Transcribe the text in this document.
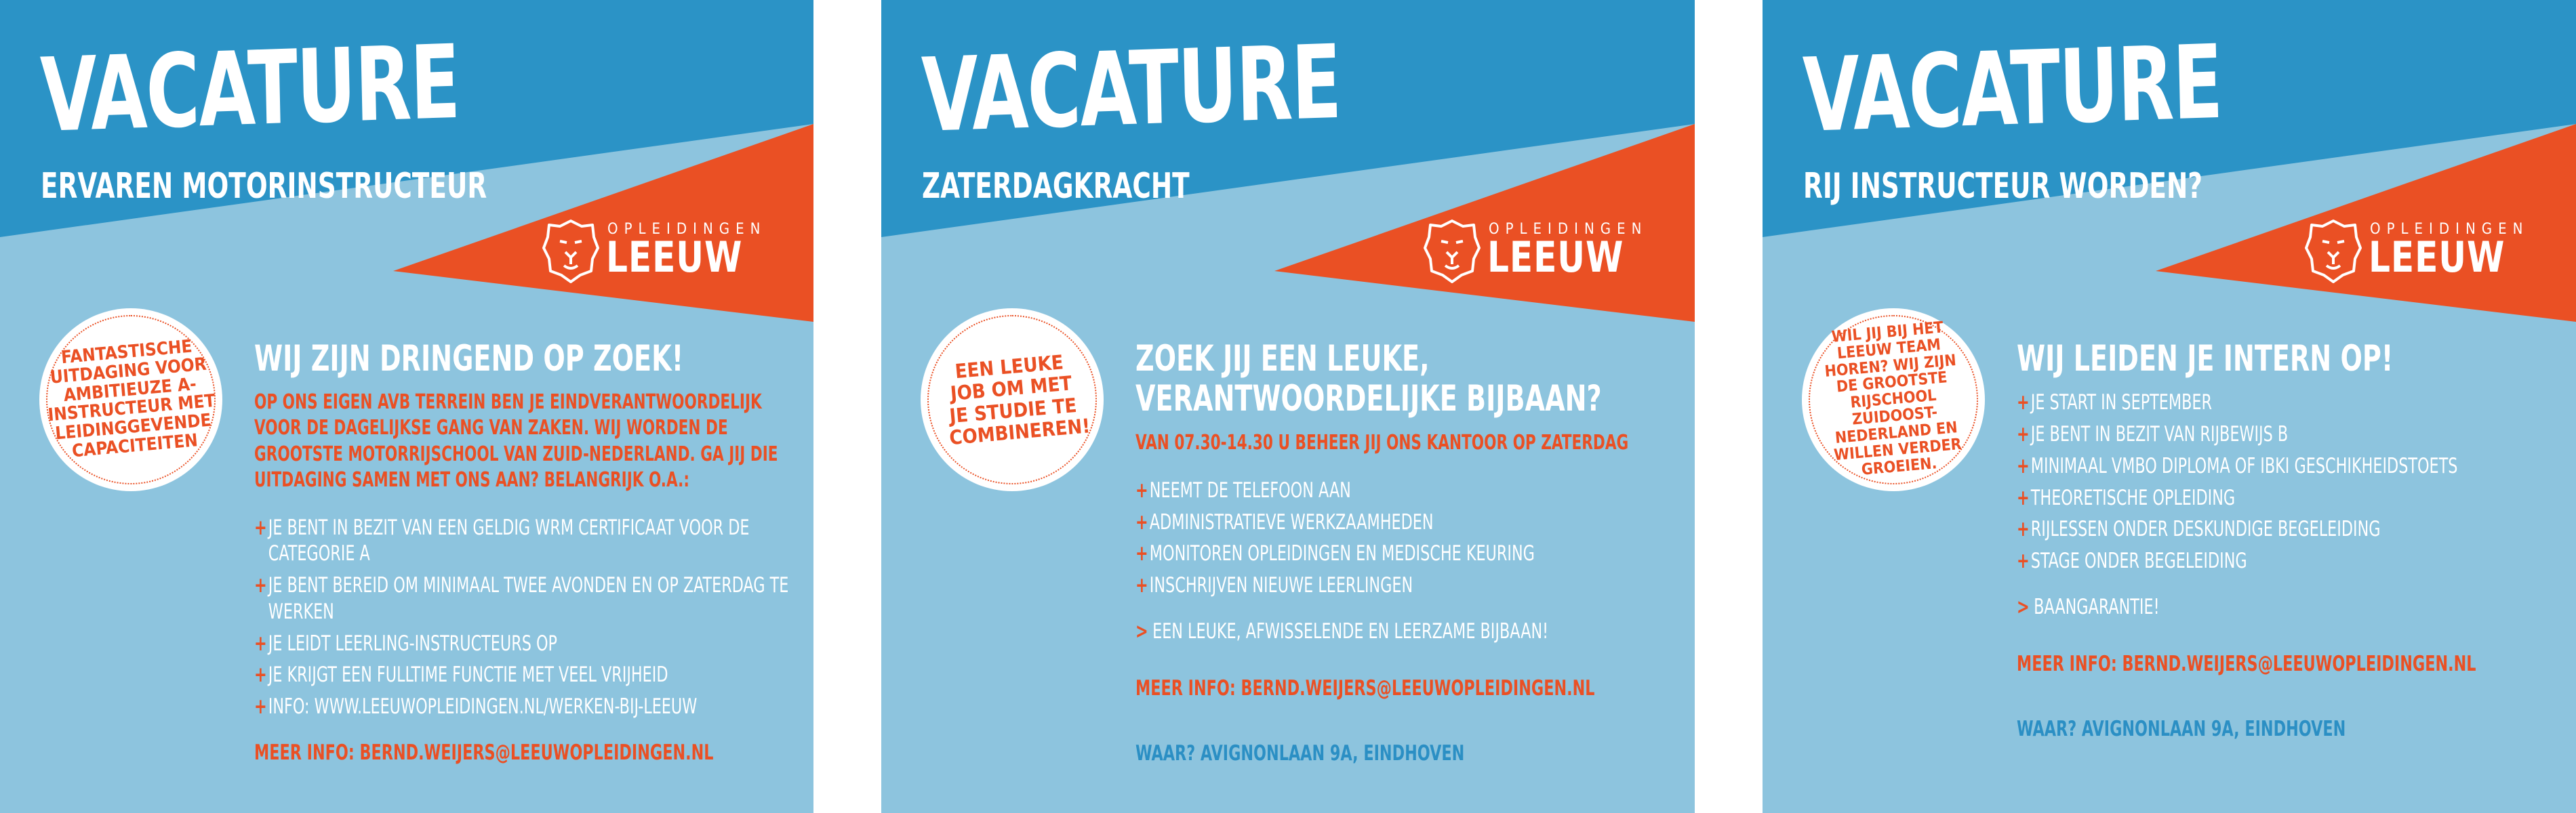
VACATURE
ERVAREN MOTORINSTRUCTEUR
OPLEIDINGEN
LEEUW

FANTASTISCHE UITDAGING VOOR AMBITIEUZE A-INSTRUCTEUR MET LEIDINGGEVENDE CAPACITEITEN

WIJ ZIJN DRINGEND OP ZOEK!

OP ONS EIGEN AVB TERREIN BEN JE EINDVERANTWOORDELIJK VOOR DE DAGELIJKSE GANG VAN ZAKEN. WIJ WORDEN DE GROOTSTE MOTORRIJSCHOOL VAN ZUID-NEDERLAND. GA JIJ DIE UITDAGING SAMEN MET ONS AAN? BELANGRIJK O.A.:

+ JE BENT IN BEZIT VAN EEN GELDIG WRM CERTIFICAAT VOOR DE CATEGORIE A
+ JE BENT BEREID OM MINIMAAL TWEE AVONDEN EN OP ZATERDAG TE WERKEN
+ JE LEIDT LEERLING-INSTRUCTEURS OP
+ JE KRIJGT EEN FULLTIME FUNCTIE MET VEEL VRIJHEID
+ INFO: WWW.LEEUWOPLEIDINGEN.NL/WERKEN-BIJ-LEEUW

MEER INFO: BERND.WEIJERS@LEEUWOPLEIDINGEN.NL

VACATURE
ZATERDAGKRACHT
OPLEIDINGEN
LEEUW

EEN LEUKE JOB OM MET JE STUDIE TE COMBINEREN!

ZOEK JIJ EEN LEUKE, VERANTWOORDELIJKE BIJBAAN?

VAN 07.30-14.30 U BEHEER JIJ ONS KANTOOR OP ZATERDAG

+ NEEMT DE TELEFOON AAN
+ ADMINISTRATIEVE WERKZAAMHEDEN
+ MONITOREN OPLEIDINGEN EN MEDISCHE KEURING
+ INSCHRIJVEN NIEUWE LEERLINGEN

> EEN LEUKE, AFWISSELENDE EN LEERZAME BIJBAAN!

MEER INFO: BERND.WEIJERS@LEEUWOPLEIDINGEN.NL

WAAR? AVIGNONLAAN 9A, EINDHOVEN

VACATURE
RIJ INSTRUCTEUR WORDEN?
OPLEIDINGEN
LEEUW

WIL JIJ BIJ HET LEEUW TEAM HOREN? WIJ ZIJN DE GROOTSTE RIJSCHOOL ZUIDOOST-NEDERLAND EN WILLEN VERDER GROEIEN.

WIJ LEIDEN JE INTERN OP!
+ JE START IN SEPTEMBER
+ JE BENT IN BEZIT VAN RIJBEWIJS B
+ MINIMAAL VMBO DIPLOMA OF IBKI GESCHIKHEIDSTOETS
+ THEORETISCHE OPLEIDING
+ RIJLESSEN ONDER DESKUNDIGE BEGELEIDING
+ STAGE ONDER BEGELEIDING

> BAANGARANTIE!

MEER INFO: BERND.WEIJERS@LEEUWOPLEIDINGEN.NL

WAAR? AVIGNONLAAN 9A, EINDHOVEN
